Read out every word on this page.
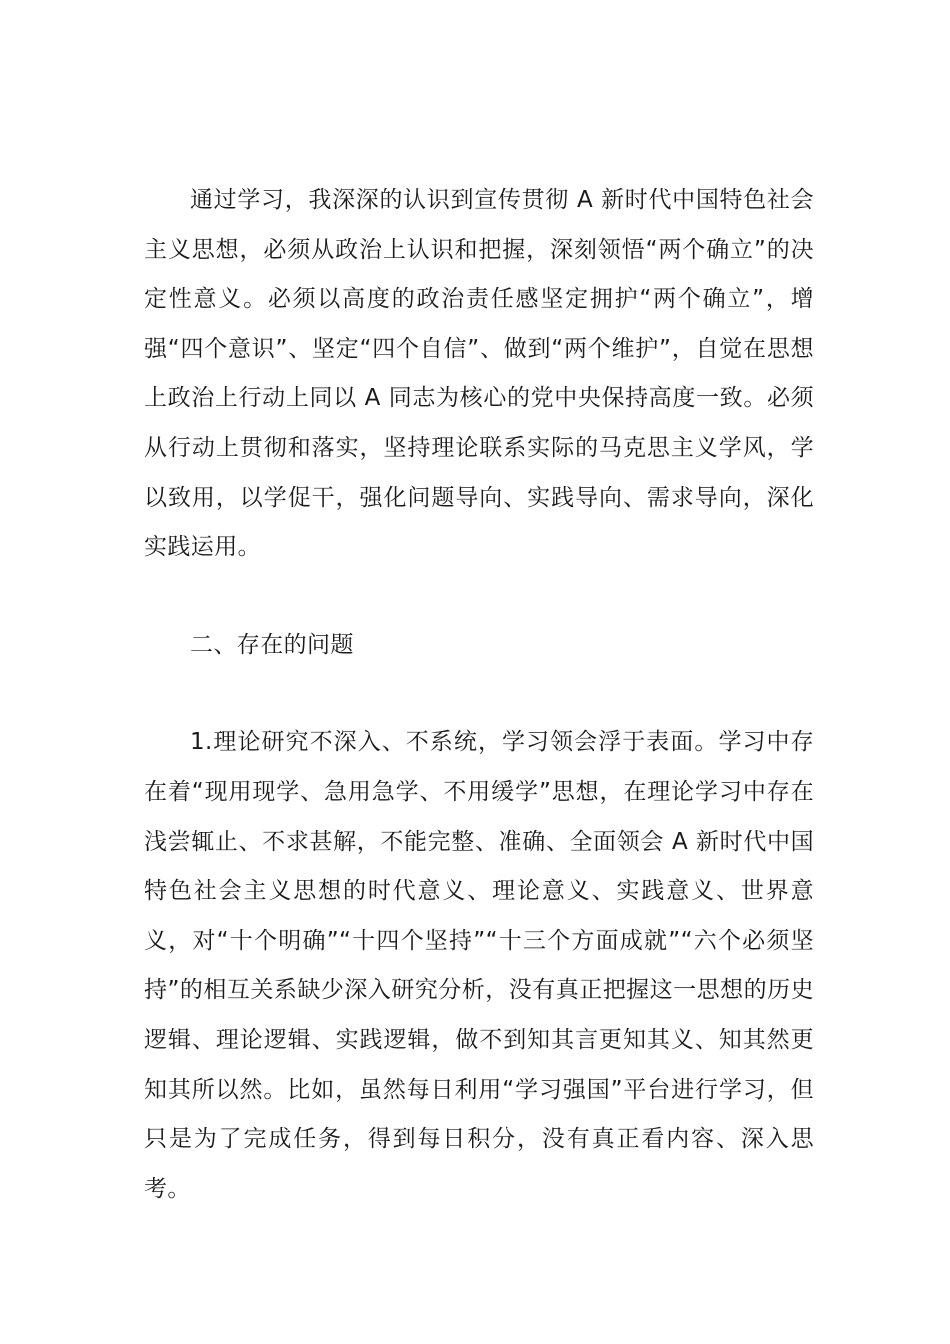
通过学习，我深深的认识到宣传贯彻 A 新时代中国特色社会主义思想，必须从政治上认识和把握，深刻领悟“两个确立”的决定性意义。必须以高度的政治责任感坚定拥护“两个确立”，增强“四个意识”、坚定“四个自信”、做到“两个维护”，自觉在思想上政治上行动上同以 A 同志为核心的党中央保持高度一致。必须从行动上贯彻和落实，坚持理论联系实际的马克思主义学风，学以致用，以学促干，强化问题导向、实践导向、需求导向，深化实践运用。

二、存在的问题

1.理论研究不深入、不系统，学习领会浮于表面。学习中存在着“现用现学、急用急学、不用缓学”思想，在理论学习中存在浅尝辄止、不求甚解，不能完整、准确、全面领会 A 新时代中国特色社会主义思想的时代意义、理论意义、实践意义、世界意义，对“十个明确”“十四个坚持”“十三个方面成就”“六个必须坚持”的相互关系缺少深入研究分析，没有真正把握这一思想的历史逻辑、理论逻辑、实践逻辑，做不到知其言更知其义、知其然更知其所以然。比如，虽然每日利用“学习强国”平台进行学习，但只是为了完成任务，得到每日积分，没有真正看内容、深入思考。
